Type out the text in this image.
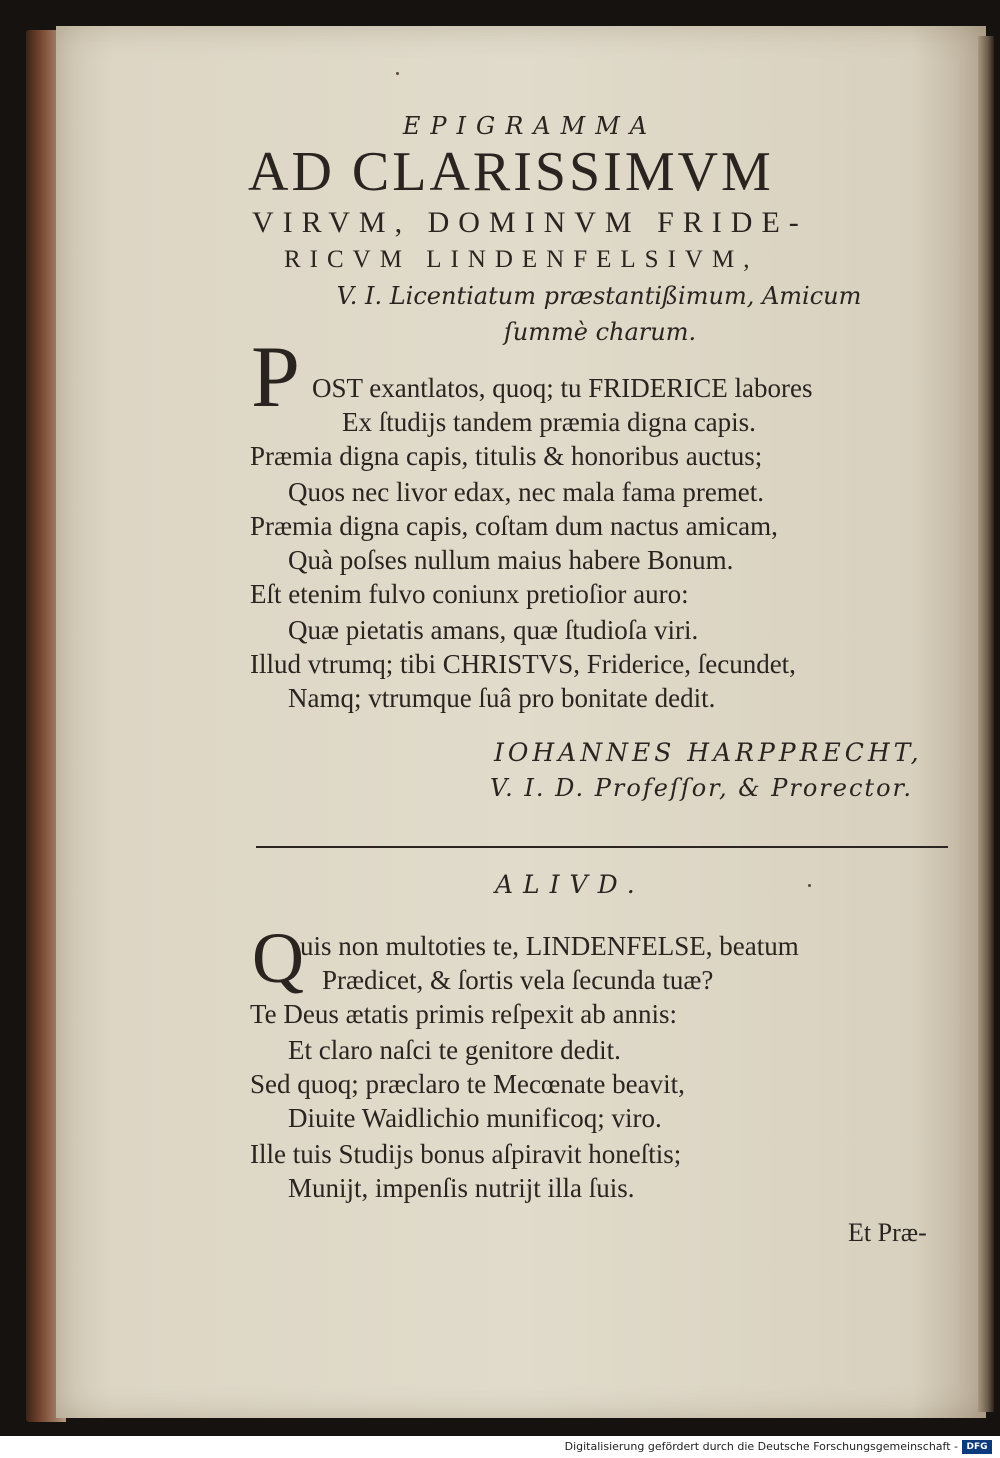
EPIGRAMMA
AD CLARISSIMVM
VIRVM, DOMINVM FRIDE-
RICVM LINDENFELSIVM,
V. I. Licentiatum præstantißimum, Amicum
ſummè charum.
P OST exantlatos, quoq; tu FRIDERICE labores
Ex ſtudijs tandem præmia digna capis.
Præmia digna capis, titulis & honoribus auctus;
Quos nec livor edax, nec mala fama premet.
Præmia digna capis, coſtam dum nactus amicam,
Quà poſses nullum maius habere Bonum.
Eſt etenim fulvo coniunx pretioſior auro:
Quæ pietatis amans, quæ ſtudioſa viri.
Illud vtrumq; tibi CHRISTVS, Friderice, ſecundet,
Namq; vtrumque ſuâ pro bonitate dedit.
IOHANNES HARPPRECHT,
V. I. D. Profeſſor, & Prorector.
ALIVD.
Q
uis non multoties te, LINDENFELSE, beatum
Prædicet, & ſortis vela ſecunda tuæ?
Te Deus ætatis primis reſpexit ab annis:
Et claro naſci te genitore dedit.
Sed quoq; præclaro te Mecœnate beavit,
Diuite Waidlichio munificoq; viro.
Ille tuis Studijs bonus aſpiravit honeſtis;
Munijt, impenſis nutrijt illa ſuis.
Et Præ-
Digitalisierung gefördert durch die Deutsche Forschungsgemeinschaft - DFG
